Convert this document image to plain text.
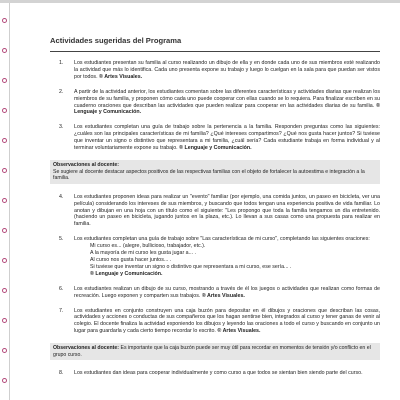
Actividades sugeridas del Programa
1. Los estudiantes presentan su familia al curso realizando un dibujo de ella y en donde cada uno de sus miembros esté realizando la actividad que más lo identifica. Cada uno presenta expone su trabajo y luego lo cuelgan en la sala para que puedan ser vistos por todos. ® Artes Visuales.
2. A partir de la actividad anterior, los estudiantes comentan sobre las diferentes características y actividades diarias que realizan los miembros de su familia, y proponen cómo cada uno puede cooperar con ellas cuando se lo requiera. Para finalizar escriben en su cuaderno oraciones que describan las actividades que pueden realizar para cooperar en las actividades diarias de su familia. ® Lenguaje y Comunicación.
3. Los estudiantes completan una guía de trabajo sobre la pertenencia a la familia. Responden preguntas como las siguientes: ¿cuáles son las principales características de mi familia? ¿Qué intereses compartimos? ¿Qué nos gusta hacer juntos? Si tuviese que inventar un signo o distintivo que representara a mi familia, ¿cuál sería? Cada estudiante trabaja en forma individual y al terminar voluntariamente expone su trabajo. ® Lenguaje y Comunicación.
Observaciones al docente:
Se sugiere al docente destacar aspectos positivos de las respectivas familias con el objeto de fortalecer la autoestima e integración a la familia.
4. Los estudiantes proponen ideas para realizar un "evento" familiar (por ejemplo, una comida juntos, un paseo en bicicleta, ver una película) considerando los intereses de sus miembros, y buscando que todos tengan una experiencia positiva de vida familiar. Lo anotan y dibujan en una hoja con un título como el siguiente: "Les propongo que toda la familia tengamos un día entretenido. (haciendo un paseo en bicicleta, jugando juntos en la plaza, etc.). Lo llevan a sus casas como una propuesta para realizar en familia.
5. Los estudiantes completan una guía de trabajo sobre "Las características de mi curso", completando las siguientes oraciones:
Mi curso es... (alegre, bullicioso, trabajador, etc.).
A la mayoría de mi curso les gusta jugar a... .
Al curso nos gusta hacer juntos... .
Si tuviese que inventar un signo o distintivo que representara a mi curso, ese sería... .
® Lenguaje y Comunicación.
6. Los estudiantes realizan un dibujo de su curso, mostrando a través de él los juegos o actividades que realizan como formas de recreación. Luego exponen y comparten sus trabajos. ® Artes Visuales.
7. Los estudiantes en conjunto construyen una caja buzón para depositar en él dibujos y oraciones que describan las cosas, actividades y acciones o conductas de sus compañeros que los hagan sentirse bien, integrados al curso y tener ganas de venir al colegio. El docente finaliza la actividad exponiendo los dibujos y leyendo las oraciones a todo el curso y buscando en conjunto un lugar para guardarla y cada cierto tiempo recordar lo escrito. ® Artes Visuales.
Observaciones al docente: Es importante que la caja buzón puede ser muy útil para recordar en momentos de tensión y/o conflicto en el grupo curso.
8. Los estudiantes dan ideas para cooperar individualmente y como curso a que todos se sientan bien siendo parte del curso.
